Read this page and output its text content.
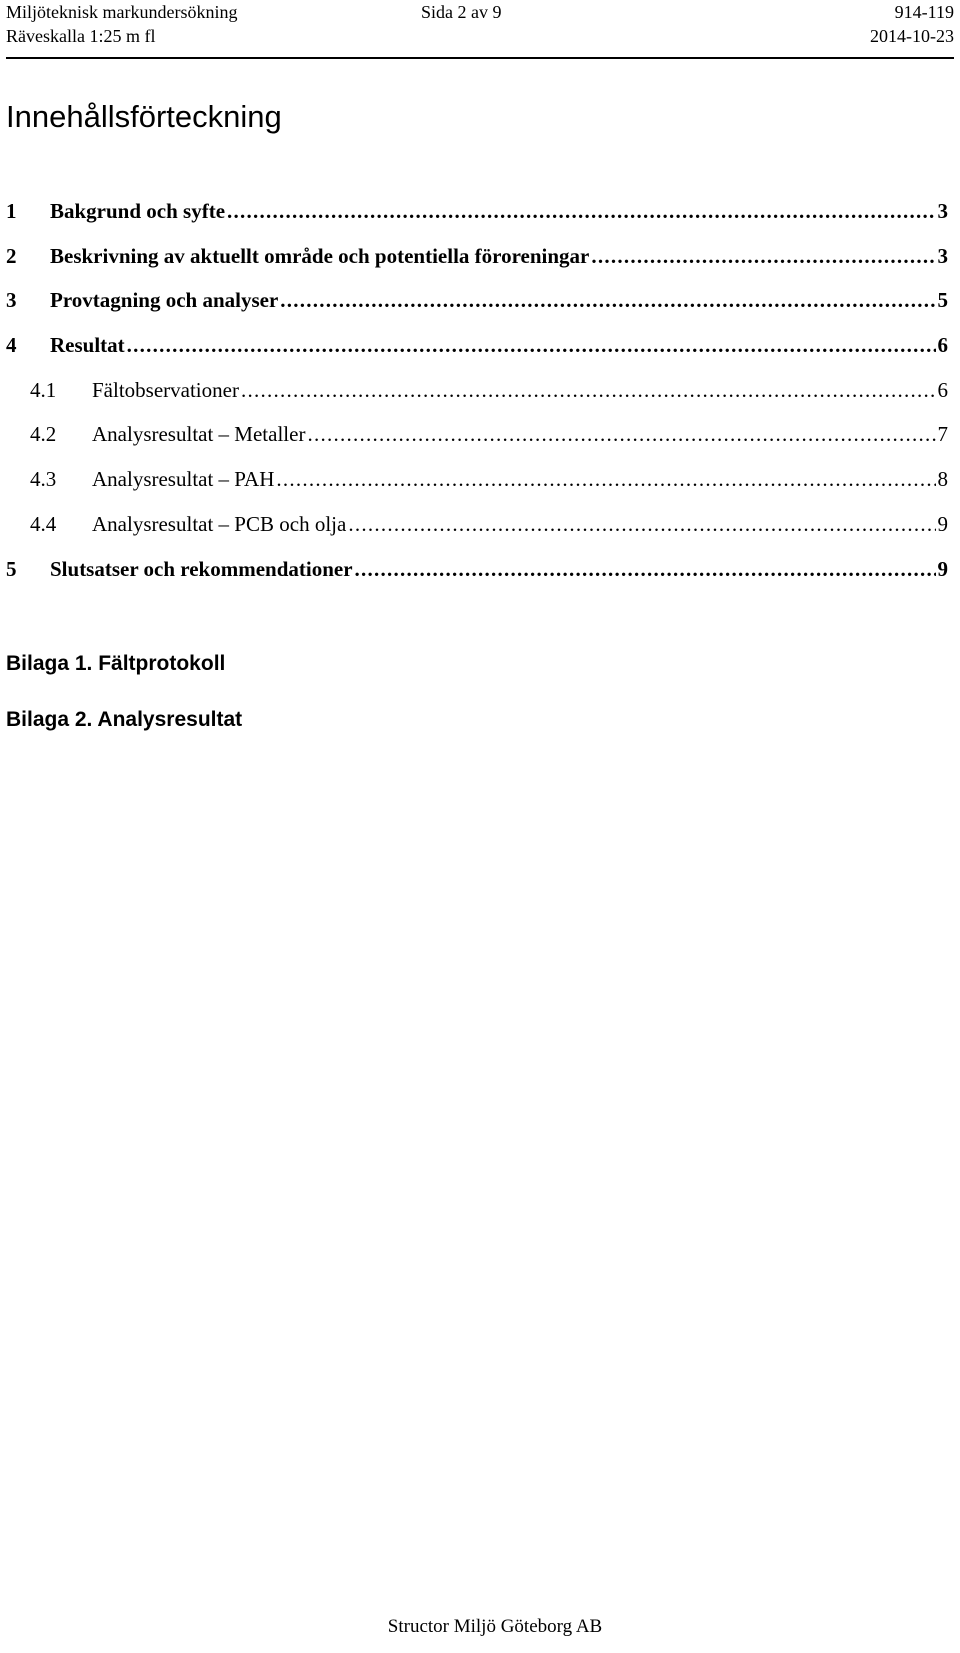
Miljöteknisk markundersökning	Sida 2 av 9	914-119
Räveskalla 1:25 m fl	2014-10-23
Innehållsförteckning
1	Bakgrund och syfte . . .	3
2	Beskrivning av aktuellt område och potentiella föroreningar . . .	3
3	Provtagning och analyser . . .	5
4	Resultat . . .	6
4.1	Fältobservationer . . .	6
4.2	Analysresultat – Metaller . . .	7
4.3	Analysresultat – PAH . . .	8
4.4	Analysresultat – PCB och olja . . .	9
5	Slutsatser och rekommendationer . . .	9
Bilaga 1. Fältprotokoll
Bilaga 2. Analysresultat
Structor Miljö Göteborg AB
